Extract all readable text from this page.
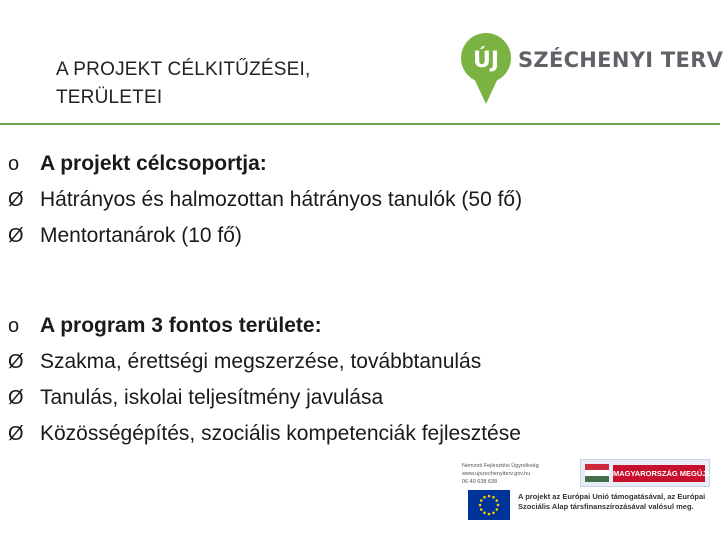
A PROJEKT CÉLKITŰZÉSEI,
TERÜLETEI
ÚJ SZÉCHENYI TERV
o A projekt célcsoportja:
Ø Hátrányos és halmozottan hátrányos tanulók (50 fő)
Ø Mentortanárok (10 fő)
o A program 3 fontos területe:
Ø Szakma, érettségi megszerzése, továbbtanulás
Ø Tanulás, iskolai teljesítmény javulása
Ø Közösségépítés, szociális kompetenciák fejlesztése
Nemzeti Fejlesztési Ügynökség
www.ujszechenyiterv.gov.hu
06 40 638 638
MAGYARORSZÁG MEGÚJUL
A projekt az Európai Unió támogatásával, az Európai Szociális Alap társfinanszírozásával valósul meg.
